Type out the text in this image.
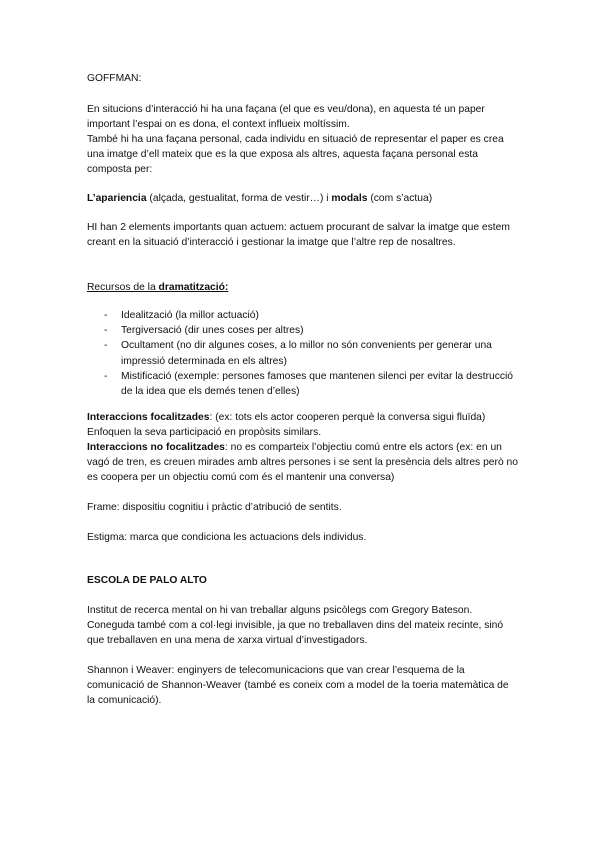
GOFFMAN:

En situcions d’interacció hi ha una façana (el que es veu/dona), en aquesta té un paper important l’espai on es dona, el context influeix moltíssim.

També hi ha una façana personal, cada individu en situació de representar el paper es crea una imatge d’ell mateix que es la que exposa als altres, aquesta façana personal esta composta per:

L’apariencia (alçada, gestualitat, forma de vestir…) i modals (com s’actua)

HI han 2 elements importants quan actuem: actuem procurant de salvar la imatge que estem creant en la situació d’interacció i gestionar la imatge que l’altre rep de nosaltres.

Recursos de la dramatització:

- Idealització (la millor actuació)
- Tergiversació (dir unes coses per altres)
- Ocultament (no dir algunes coses, a lo millor no són convenients per generar una impressió determinada en els altres)
- Mistificació (exemple: persones famoses que mantenen silenci per evitar la destrucció de la idea que els demés tenen d’elles)

Interaccions focalitzades: (ex: tots els actor cooperen perquè la conversa sigui fluïda) Enfoquen la seva participació en propòsits similars.

Interaccions no focalitzades: no es comparteix l’objectiu comú entre els actors (ex: en un vagó de tren, es creuen mirades amb altres persones i se sent la presència dels altres però no es coopera per un objectiu comú com és el mantenir una conversa)

Frame: dispositiu cognitiu i pràctic d’atribució de sentits.

Estigma: marca que condiciona les actuacions dels individus.

ESCOLA DE PALO ALTO

Institut de recerca mental on hi van treballar alguns psicòlegs com Gregory Bateson. Coneguda també com a col·legi invisible, ja que no treballaven dins del mateix recinte, sinó que treballaven en una mena de xarxa virtual d’investigadors.

Shannon i Weaver: enginyers de telecomunicacions que van crear l’esquema de la comunicació de Shannon-Weaver (també es coneix com a model de la toeria matemàtica de la comunicació).
